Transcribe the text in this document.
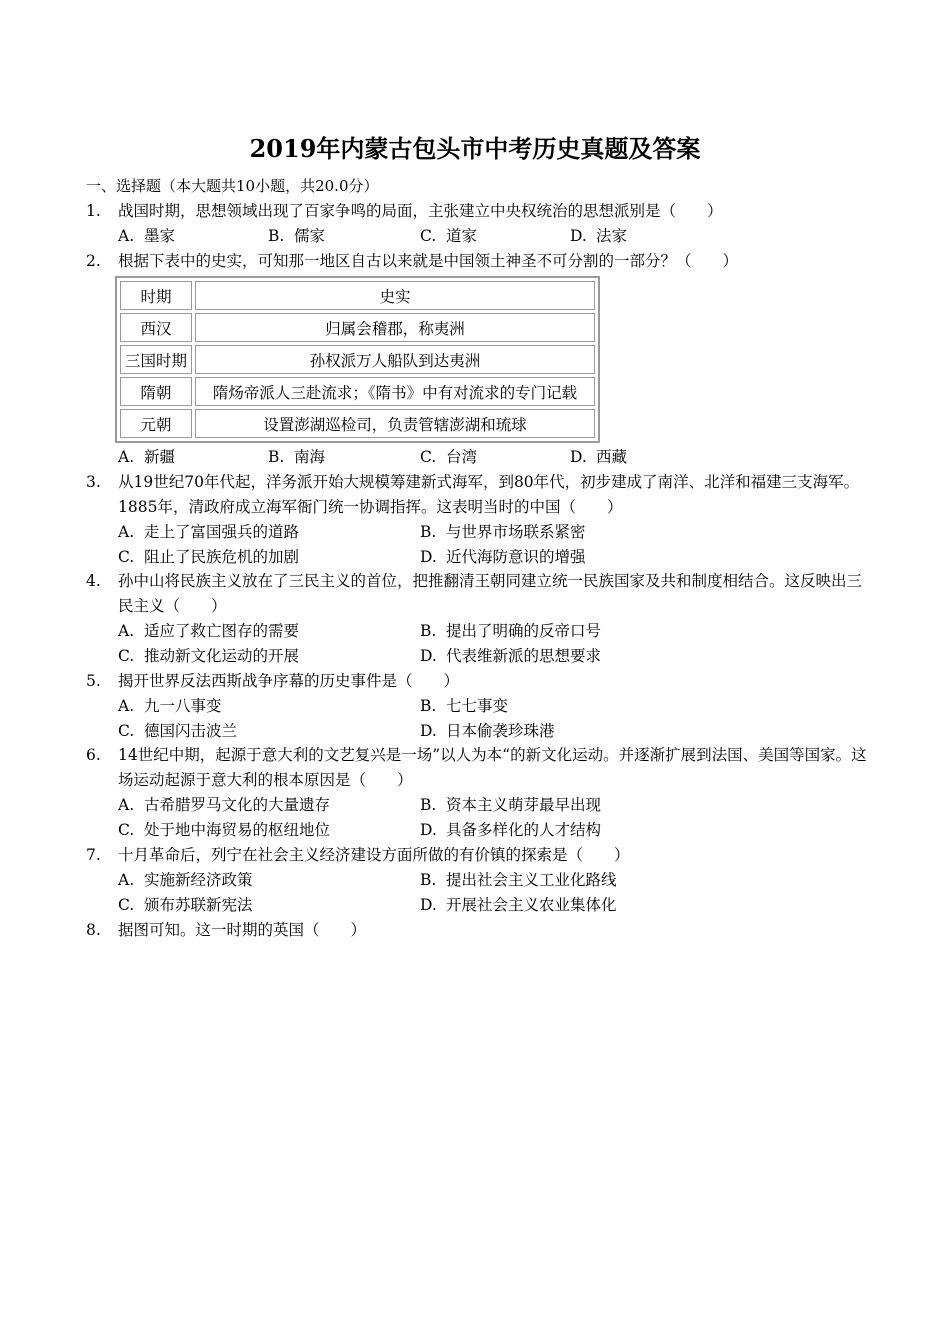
2019年内蒙古包头市中考历史真题及答案
一、选择题（本大题共10小题，共20.0分）
1.	战国时期，思想领域出现了百家争鸣的局面，主张建立中央权统治的思想派别是（　　）
A. 墨家	B. 儒家	C. 道家	D. 法家
2.	根据下表中的史实，可知那一地区自古以来就是中国领土神圣不可分割的一部分？（　　）
时期	史实
西汉	归属会稽郡，称夷洲
三国时期	孙权派万人船队到达夷洲
隋朝	隋炀帝派人三赴流求；《隋书》中有对流求的专门记载
元朝	设置澎湖巡检司，负责管辖澎湖和琉球
A. 新疆	B. 南海	C. 台湾	D. 西藏
3.	从19世纪70年代起，洋务派开始大规模筹建新式海军，到80年代，初步建成了南洋、北洋和福建三支海军。1885年，清政府成立海军衙门统一协调指挥。这表明当时的中国（　　）
A. 走上了富国强兵的道路	B. 与世界市场联系紧密
C. 阻止了民族危机的加剧	D. 近代海防意识的增强
4.	孙中山将民族主义放在了三民主义的首位，把推翻清王朝同建立统一民族国家及共和制度相结合。这反映出三民主义（　　）
A. 适应了救亡图存的需要	B. 提出了明确的反帝口号
C. 推动新文化运动的开展	D. 代表维新派的思想要求
5.	揭开世界反法西斯战争序幕的历史事件是（　　）
A. 九一八事变	B. 七七事变
C. 德国闪击波兰	D. 日本偷袭珍珠港
6.	14世纪中期，起源于意大利的文艺复兴是一场”以人为本“的新文化运动。并逐渐扩展到法国、美国等国家。这场运动起源于意大利的根本原因是（　　）
A. 古希腊罗马文化的大量遗存	B. 资本主义萌芽最早出现
C. 处于地中海贸易的枢纽地位	D. 具备多样化的人才结构
7.	十月革命后，列宁在社会主义经济建设方面所做的有价镇的探索是（　　）
A. 实施新经济政策	B. 提出社会主义工业化路线
C. 颁布苏联新宪法	D. 开展社会主义农业集体化
8.	据图可知。这一时期的英国（　　）
